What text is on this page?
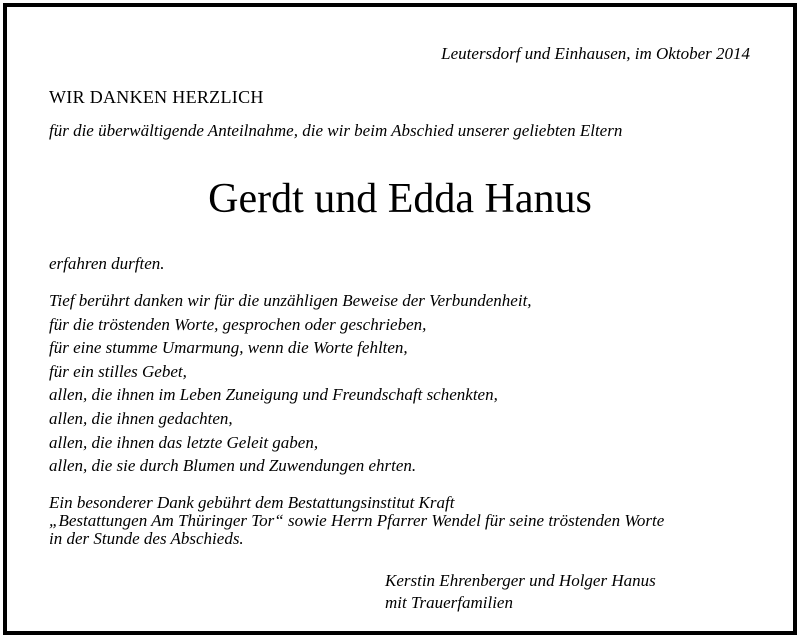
Leutersdorf und Einhausen, im Oktober 2014
WIR DANKEN HERZLICH
für die überwältigende Anteilnahme, die wir beim Abschied unserer geliebten Eltern
Gerdt und Edda Hanus
erfahren durften.
Tief berührt danken wir für die unzähligen Beweise der Verbundenheit,
für die tröstenden Worte, gesprochen oder geschrieben,
für eine stumme Umarmung, wenn die Worte fehlten,
für ein stilles Gebet,
allen, die ihnen im Leben Zuneigung und Freundschaft schenkten,
allen, die ihnen gedachten,
allen, die ihnen das letzte Geleit gaben,
allen, die sie durch Blumen und Zuwendungen ehrten.
Ein besonderer Dank gebührt dem Bestattungsinstitut Kraft
„Bestattungen Am Thüringer Tor“ sowie Herrn Pfarrer Wendel für seine tröstenden Worte
in der Stunde des Abschieds.
Kerstin Ehrenberger und Holger Hanus
mit Trauerfamilien
